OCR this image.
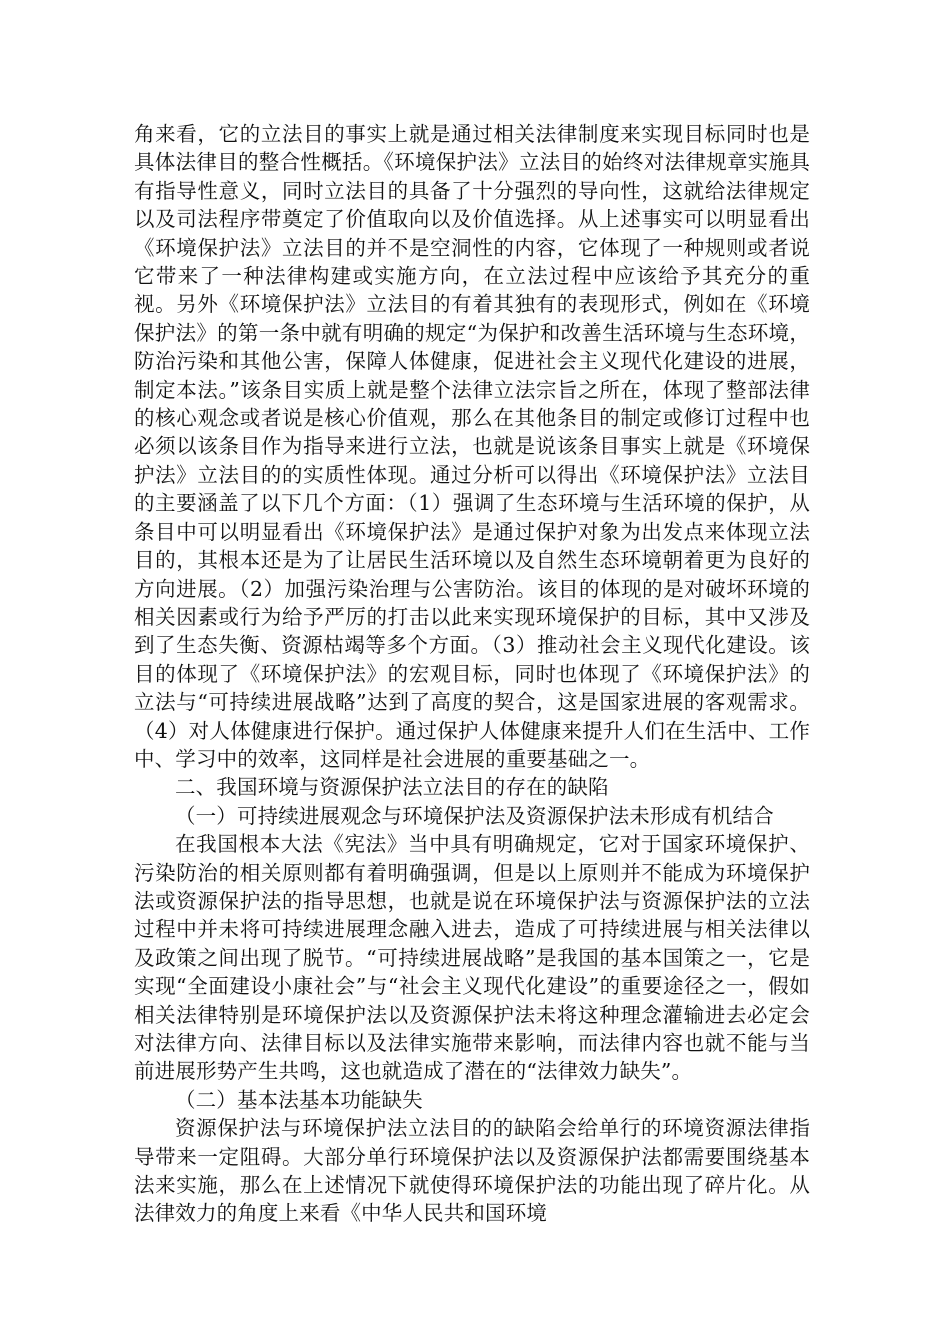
角来看，它的立法目的事实上就是通过相关法律制度来实现目标同时也是具体法律目的整合性概括。《环境保护法》立法目的始终对法律规章实施具有指导性意义，同时立法目的具备了十分强烈的导向性，这就给法律规定以及司法程序带奠定了价值取向以及价值选择。从上述事实可以明显看出《环境保护法》立法目的并不是空洞性的内容，它体现了一种规则或者说它带来了一种法律构建或实施方向，在立法过程中应该给予其充分的重视。另外《环境保护法》立法目的有着其独有的表现形式，例如在《环境保护法》的第一条中就有明确的规定“为保护和改善生活环境与生态环境，防治污染和其他公害，保障人体健康，促进社会主义现代化建设的进展，制定本法。”该条目实质上就是整个法律立法宗旨之所在，体现了整部法律的核心观念或者说是核心价值观，那么在其他条目的制定或修订过程中也必须以该条目作为指导来进行立法，也就是说该条目事实上就是《环境保护法》立法目的的实质性体现。通过分析可以得出《环境保护法》立法目的主要涵盖了以下几个方面：（1）强调了生态环境与生活环境的保护，从条目中可以明显看出《环境保护法》是通过保护对象为出发点来体现立法目的，其根本还是为了让居民生活环境以及自然生态环境朝着更为良好的方向进展。（2）加强污染治理与公害防治。该目的体现的是对破坏环境的相关因素或行为给予严厉的打击以此来实现环境保护的目标，其中又涉及到了生态失衡、资源枯竭等多个方面。（3）推动社会主义现代化建设。该目的体现了《环境保护法》的宏观目标，同时也体现了《环境保护法》的立法与“可持续进展战略”达到了高度的契合，这是国家进展的客观需求。（4）对人体健康进行保护。通过保护人体健康来提升人们在生活中、工作中、学习中的效率，这同样是社会进展的重要基础之一。

二、我国环境与资源保护法立法目的存在的缺陷
（一）可持续进展观念与环境保护法及资源保护法未形成有机结合

在我国根本大法《宪法》当中具有明确规定，它对于国家环境保护、污染防治的相关原则都有着明确强调，但是以上原则并不能成为环境保护法或资源保护法的指导思想，也就是说在环境保护法与资源保护法的立法过程中并未将可持续进展理念融入进去，造成了可持续进展与相关法律以及政策之间出现了脱节。“可持续进展战略”是我国的基本国策之一，它是实现“全面建设小康社会”与“社会主义现代化建设”的重要途径之一，假如相关法律特别是环境保护法以及资源保护法未将这种理念灌输进去必定会对法律方向、法律目标以及法律实施带来影响，而法律内容也就不能与当前进展形势产生共鸣，这也就造成了潜在的“法律效力缺失”。

（二）基本法基本功能缺失

资源保护法与环境保护法立法目的的缺陷会给单行的环境资源法律指导带来一定阻碍。大部分单行环境保护法以及资源保护法都需要围绕基本法来实施，那么在上述情况下就使得环境保护法的功能出现了碎片化。从法律效力的角度上来看《中华人民共和国环境
